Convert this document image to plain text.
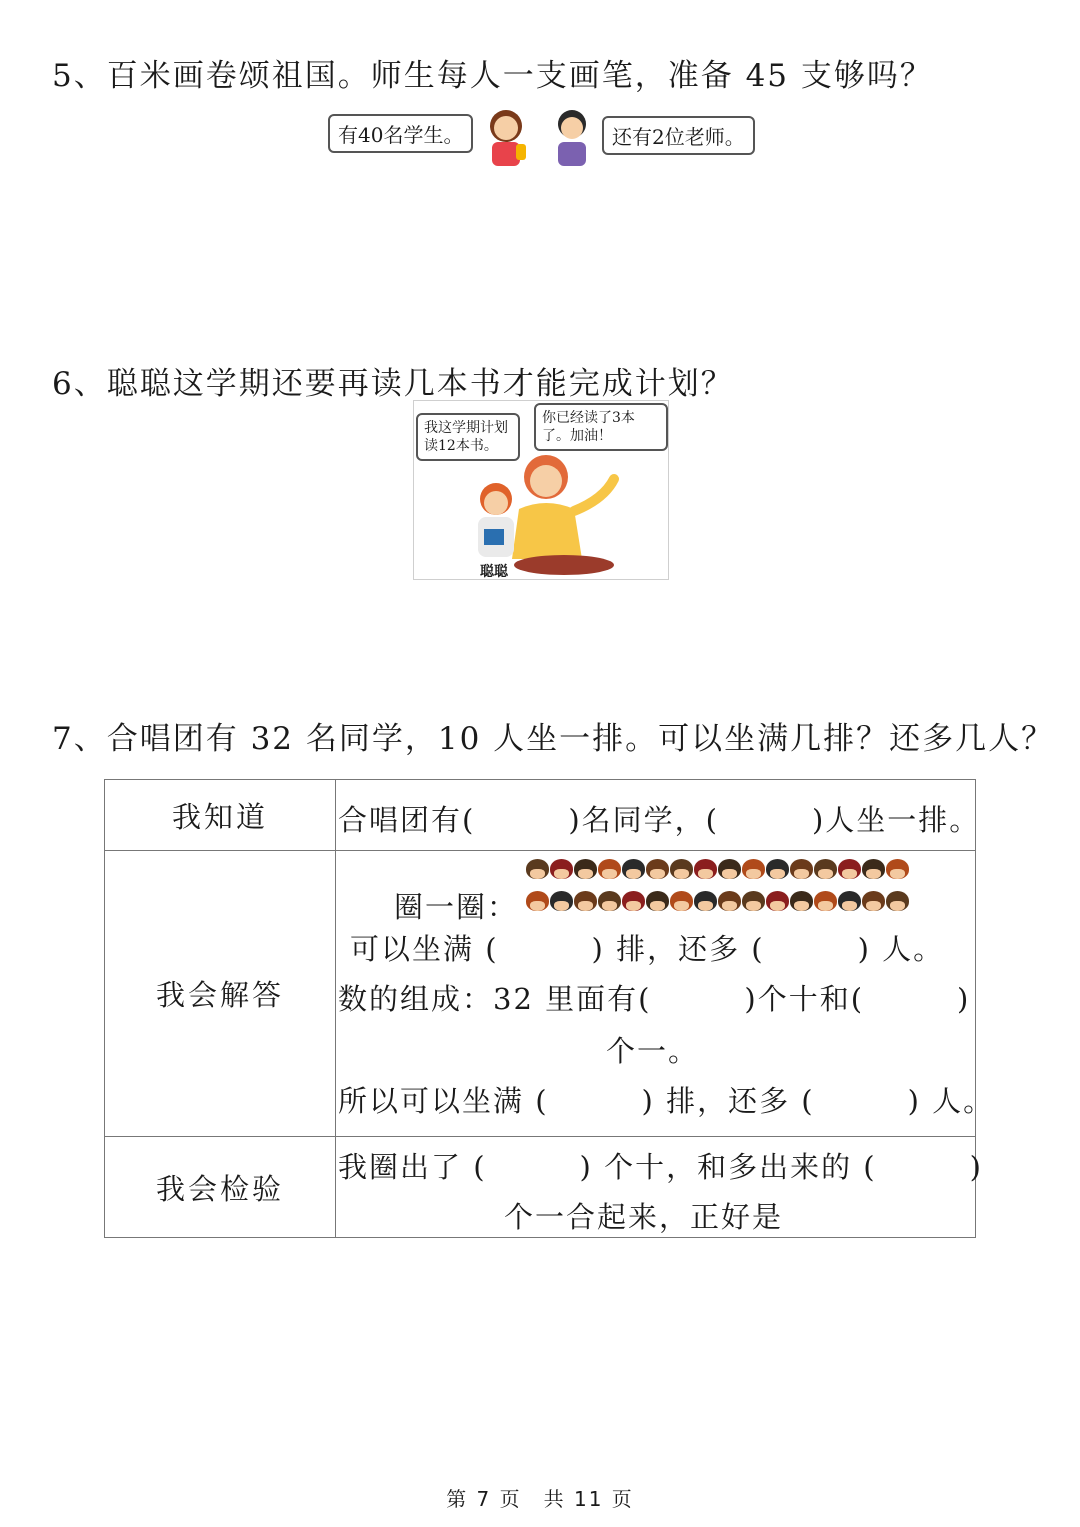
5、百米画卷颂祖国。师生每人一支画笔，准备 45 支够吗？
有40名学生。	还有2位老师。
6、聪聪这学期还要再读几本书才能完成计划？
我这学期计划读12本书。
你已经读了3本了。加油！
聪聪
7、合唱团有 32 名同学，10 人坐一排。可以坐满几排？还多几人？
我知道	合唱团有(　　　)名同学，(　　　)人坐一排。

我会解答	圈一圈：
可以坐满 (　　　) 排，还多 (　　　) 人。
数的组成：32 里面有(　　　)个十和(　　　)
个一。
所以可以坐满 (　　　) 排，还多 (　　　) 人。

我会检验	我圈出了 (　　　) 个十，和多出来的 (　　　)
个一合起来，正好是
第 7 页　共 11 页
